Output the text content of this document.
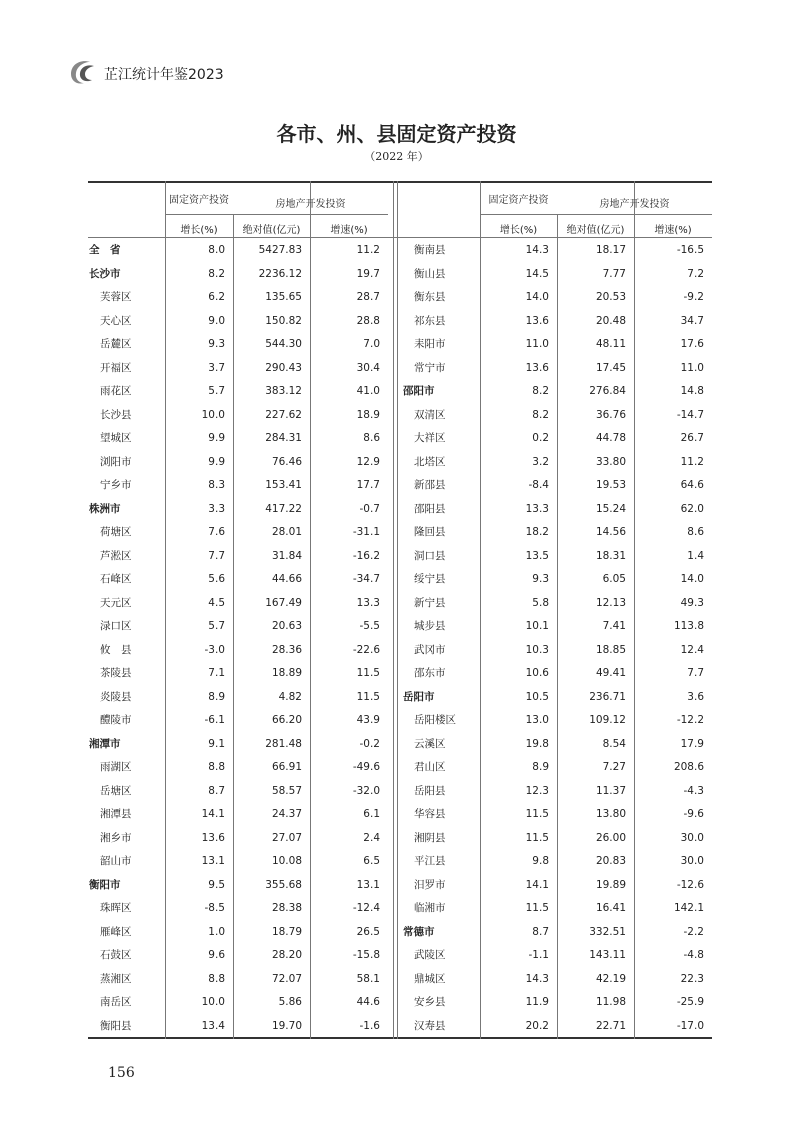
芷江统计年鉴2023
各市、州、县固定资产投资
（2022 年）
固定资产投资	房地产开发投资
增长(%)	绝对值(亿元)	增速(%)
全　省	8.0	5427.83	11.2
长沙市	8.2	2236.12	19.7
芙蓉区	6.2	135.65	28.7
天心区	9.0	150.82	28.8
岳麓区	9.3	544.30	7.0
开福区	3.7	290.43	30.4
雨花区	5.7	383.12	41.0
长沙县	10.0	227.62	18.9
望城区	9.9	284.31	8.6
浏阳市	9.9	76.46	12.9
宁乡市	8.3	153.41	17.7
株洲市	3.3	417.22	-0.7
荷塘区	7.6	28.01	-31.1
芦淞区	7.7	31.84	-16.2
石峰区	5.6	44.66	-34.7
天元区	4.5	167.49	13.3
渌口区	5.7	20.63	-5.5
攸　县	-3.0	28.36	-22.6
茶陵县	7.1	18.89	11.5
炎陵县	8.9	4.82	11.5
醴陵市	-6.1	66.20	43.9
湘潭市	9.1	281.48	-0.2
雨湖区	8.8	66.91	-49.6
岳塘区	8.7	58.57	-32.0
湘潭县	14.1	24.37	6.1
湘乡市	13.6	27.07	2.4
韶山市	13.1	10.08	6.5
衡阳市	9.5	355.68	13.1
珠晖区	-8.5	28.38	-12.4
雁峰区	1.0	18.79	26.5
石鼓区	9.6	28.20	-15.8
蒸湘区	8.8	72.07	58.1
南岳区	10.0	5.86	44.6
衡阳县	13.4	19.70	-1.6
固定资产投资	房地产开发投资
增长(%)	绝对值(亿元)	增速(%)
衡南县	14.3	18.17	-16.5
衡山县	14.5	7.77	7.2
衡东县	14.0	20.53	-9.2
祁东县	13.6	20.48	34.7
耒阳市	11.0	48.11	17.6
常宁市	13.6	17.45	11.0
邵阳市	8.2	276.84	14.8
双清区	8.2	36.76	-14.7
大祥区	0.2	44.78	26.7
北塔区	3.2	33.80	11.2
新邵县	-8.4	19.53	64.6
邵阳县	13.3	15.24	62.0
隆回县	18.2	14.56	8.6
洞口县	13.5	18.31	1.4
绥宁县	9.3	6.05	14.0
新宁县	5.8	12.13	49.3
城步县	10.1	7.41	113.8
武冈市	10.3	18.85	12.4
邵东市	10.6	49.41	7.7
岳阳市	10.5	236.71	3.6
岳阳楼区	13.0	109.12	-12.2
云溪区	19.8	8.54	17.9
君山区	8.9	7.27	208.6
岳阳县	12.3	11.37	-4.3
华容县	11.5	13.80	-9.6
湘阴县	11.5	26.00	30.0
平江县	9.8	20.83	30.0
汨罗市	14.1	19.89	-12.6
临湘市	11.5	16.41	142.1
常德市	8.7	332.51	-2.2
武陵区	-1.1	143.11	-4.8
鼎城区	14.3	42.19	22.3
安乡县	11.9	11.98	-25.9
汉寿县	20.2	22.71	-17.0
156
